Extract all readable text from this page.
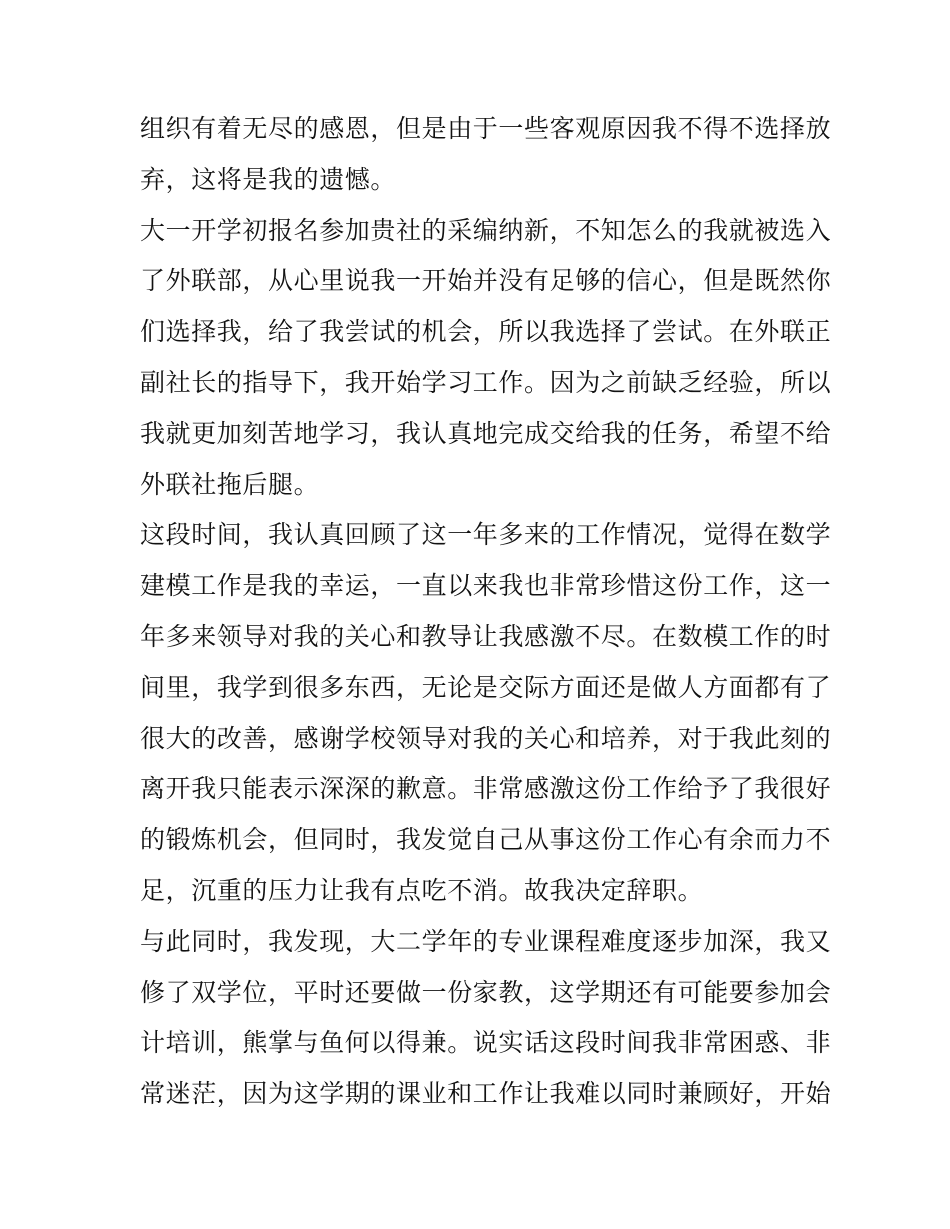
组织有着无尽的感恩，但是由于一些客观原因我不得不选择放
弃，这将是我的遗憾。
大一开学初报名参加贵社的采编纳新，不知怎么的我就被选入
了外联部，从心里说我一开始并没有足够的信心，但是既然你
们选择我，给了我尝试的机会，所以我选择了尝试。在外联正
副社长的指导下，我开始学习工作。因为之前缺乏经验，所以
我就更加刻苦地学习，我认真地完成交给我的任务，希望不给
外联社拖后腿。
这段时间，我认真回顾了这一年多来的工作情况，觉得在数学
建模工作是我的幸运，一直以来我也非常珍惜这份工作，这一
年多来领导对我的关心和教导让我感激不尽。在数模工作的时
间里，我学到很多东西，无论是交际方面还是做人方面都有了
很大的改善，感谢学校领导对我的关心和培养，对于我此刻的
离开我只能表示深深的歉意。非常感激这份工作给予了我很好
的锻炼机会，但同时，我发觉自己从事这份工作心有余而力不
足，沉重的压力让我有点吃不消。故我决定辞职。
与此同时，我发现，大二学年的专业课程难度逐步加深，我又
修了双学位，平时还要做一份家教，这学期还有可能要参加会
计培训，熊掌与鱼何以得兼。说实话这段时间我非常困惑、非
常迷茫，因为这学期的课业和工作让我难以同时兼顾好，开始
